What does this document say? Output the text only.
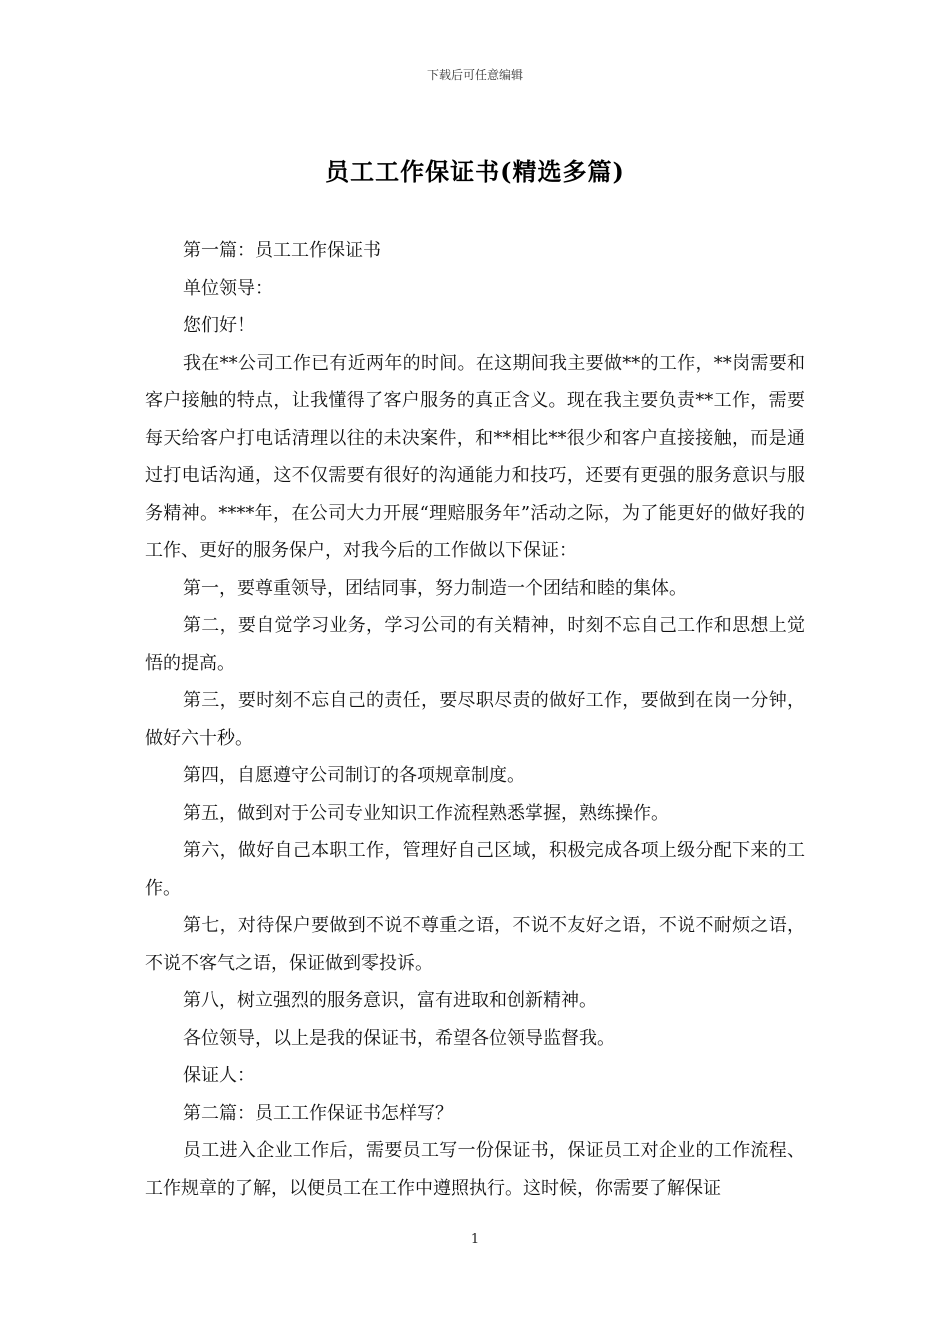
下载后可任意编辑
员工工作保证书(精选多篇)

第一篇：员工工作保证书

单位领导：

您们好！

我在**公司工作已有近两年的时间。在这期间我主要做**的工作，**岗需要和客户接触的特点，让我懂得了客户服务的真正含义。现在我主要负责**工作，需要每天给客户打电话清理以往的未决案件，和**相比**很少和客户直接接触，而是通过打电话沟通，这不仅需要有很好的沟通能力和技巧，还要有更强的服务意识与服务精神。****年，在公司大力开展“理赔服务年”活动之际，为了能更好的做好我的工作、更好的服务保户，对我今后的工作做以下保证：

第一，要尊重领导，团结同事，努力制造一个团结和睦的集体。

第二，要自觉学习业务，学习公司的有关精神，时刻不忘自己工作和思想上觉悟的提高。

第三，要时刻不忘自己的责任，要尽职尽责的做好工作，要做到在岗一分钟，做好六十秒。

第四，自愿遵守公司制订的各项规章制度。

第五，做到对于公司专业知识工作流程熟悉掌握，熟练操作。

第六，做好自己本职工作，管理好自己区域，积极完成各项上级分配下来的工作。

第七，对待保户要做到不说不尊重之语，不说不友好之语，不说不耐烦之语，不说不客气之语，保证做到零投诉。

第八，树立强烈的服务意识，富有进取和创新精神。

各位领导，以上是我的保证书，希望各位领导监督我。

保证人：

第二篇：员工工作保证书怎样写？

员工进入企业工作后，需要员工写一份保证书，保证员工对企业的工作流程、工作规章的了解，以便员工在工作中遵照执行。这时候，你需要了解保证

1
